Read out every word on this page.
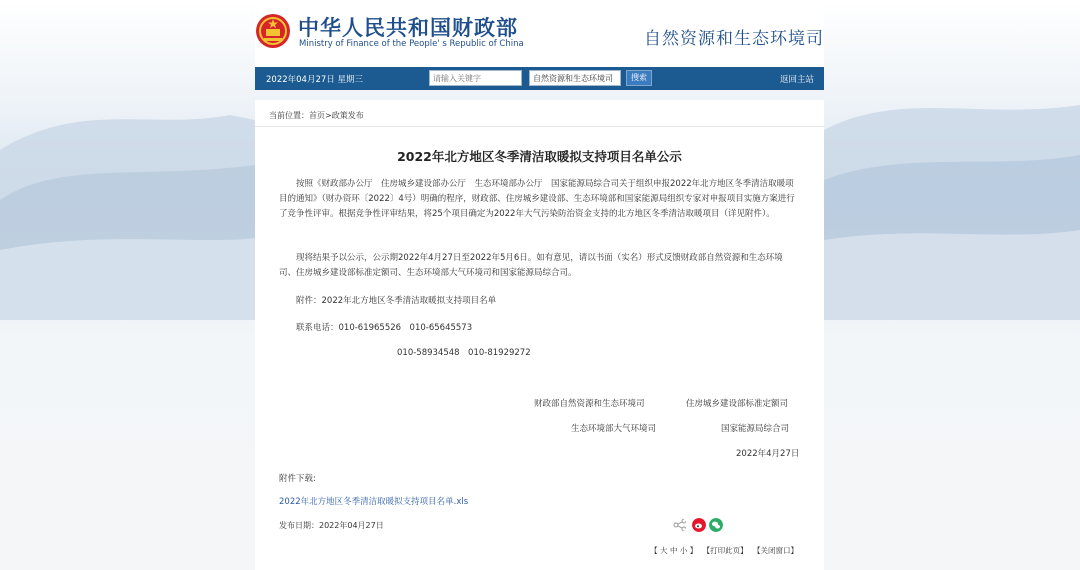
中华人民共和国财政部
Ministry of Finance of the People' s Republic of China	自然资源和生态环境司
2022年04月27日 星期三
请输入关键字	自然资源和生态环境司	搜索	返回主站
当前位置：首页>政策发布
2022年北方地区冬季清洁取暖拟支持项目名单公示
按照《财政部办公厅　住房城乡建设部办公厅　生态环境部办公厅　国家能源局综合司关于组织申报2022年北方地区冬季清洁取暖项目的通知》（财办资环〔2022〕4号）明确的程序，财政部、住房城乡建设部、生态环境部和国家能源局组织专家对申报项目实施方案进行了竞争性评审。根据竞争性评审结果，将25个项目确定为2022年大气污染防治资金支持的北方地区冬季清洁取暖项目（详见附件）。
现将结果予以公示，公示期2022年4月27日至2022年5月6日。如有意见，请以书面（实名）形式反馈财政部自然资源和生态环境司、住房城乡建设部标准定额司、生态环境部大气环境司和国家能源局综合司。
附件：2022年北方地区冬季清洁取暖拟支持项目名单
联系电话：010-61965526　010-65645573
010-58934548　010-81929272
财政部自然资源和生态环境司	住房城乡建设部标准定额司
生态环境部大气环境司	国家能源局综合司
2022年4月27日
附件下载:
2022年北方地区冬季清洁取暖拟支持项目名单.xls
发布日期：2022年04月27日
【 大 中 小 】 【打印此页】 【关闭窗口】
